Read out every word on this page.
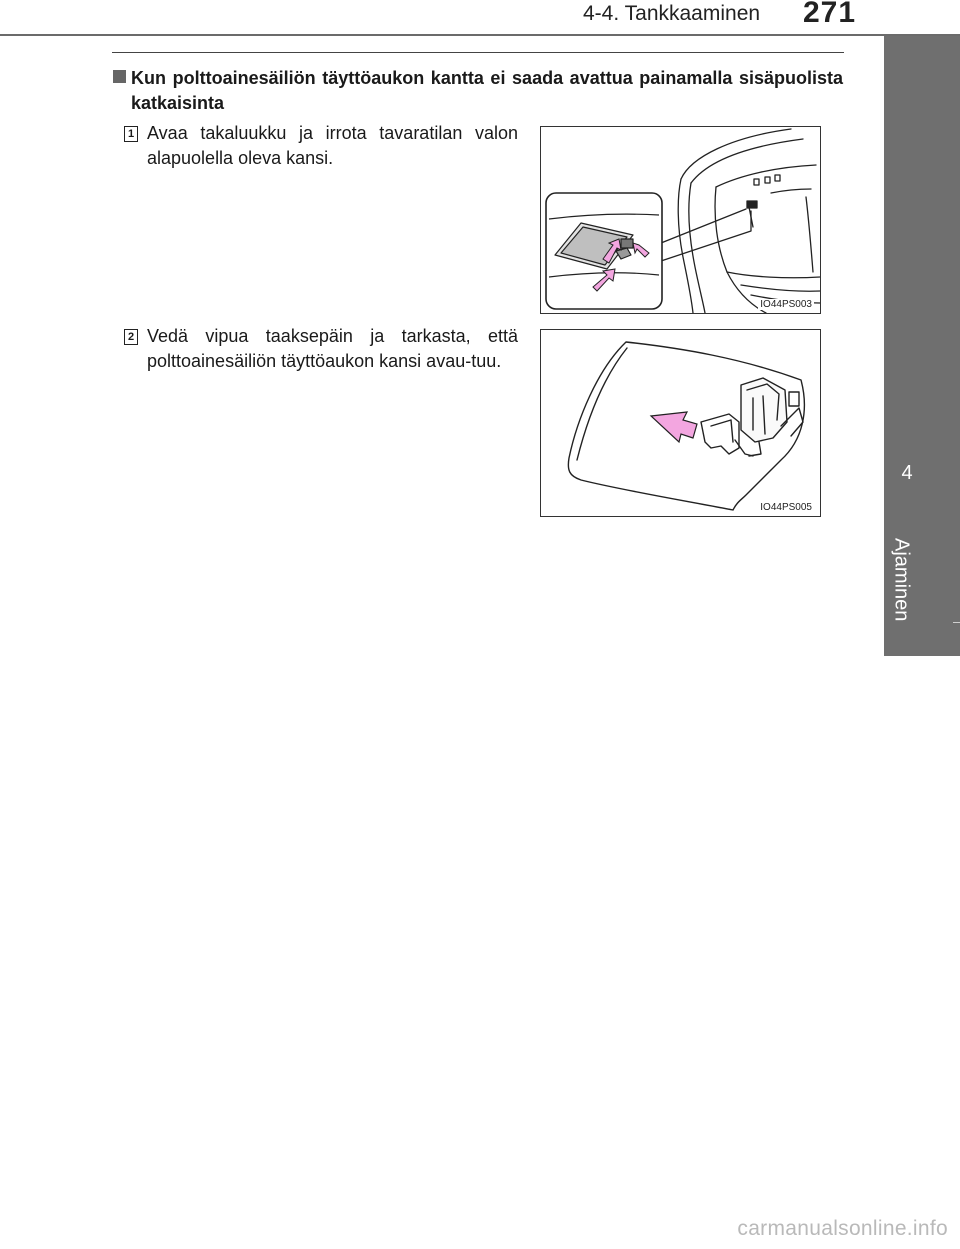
4-4. Tankkaaminen 271
4
Ajaminen
Kun polttoainesäiliön täyttöaukon kantta ei saada avattua painamalla sisäpuolista katkaisinta
1 Avaa takaluukku ja irrota tavaratilan valon alapuolella oleva kansi.
IO44PS003
2 Vedä vipua taaksepäin ja tarkasta, että polttoainesäiliön täyttöaukon kansi avau-tuu.
IO44PS005
carmanualsonline.info
